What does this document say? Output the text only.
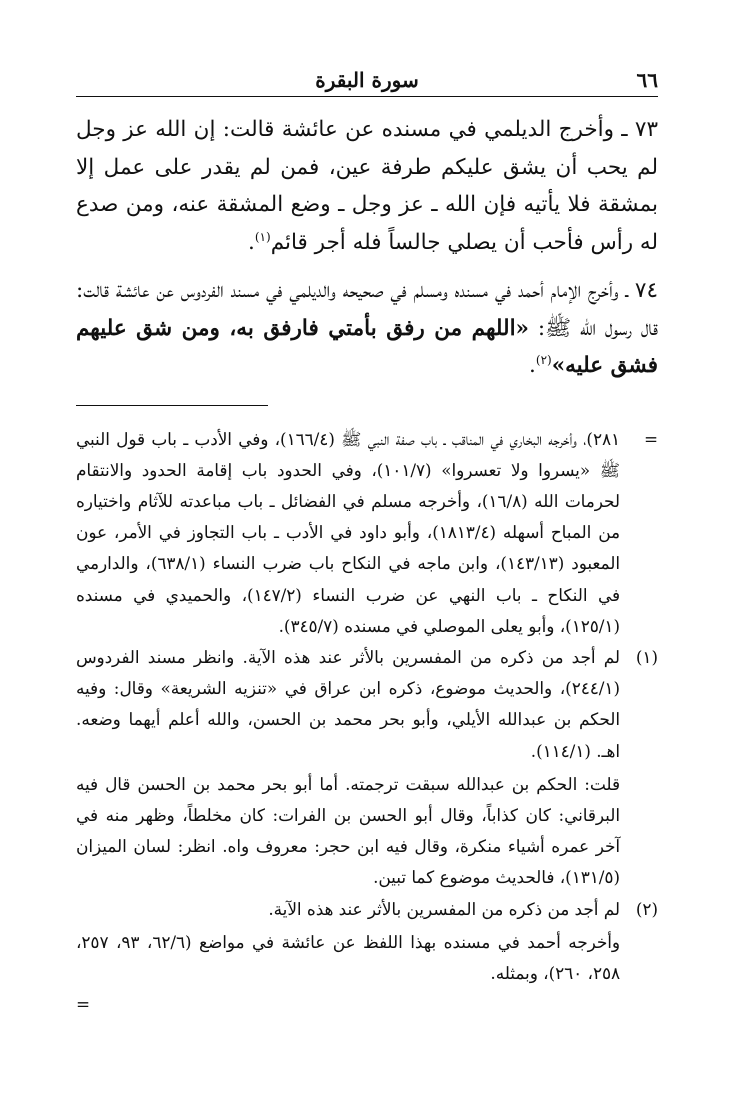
٦٦
سورة البقرة

٧٣ ـ وأخرج الديلمي في مسنده عن عائشة قالت: إن الله عز وجل لم يحب أن يشق عليكم طرفة عين، فمن لم يقدر على عمل إلا بمشقة فلا يأتيه فإن الله ـ عز وجل ـ وضع المشقة عنه، ومن صدع له رأس فأحب أن يصلي جالساً فله أجر قائم$^{(١)}$.

٧٤ ـ وأخرج الإمام أحمد في مسنده ومسلم في صحيحه والديلمي في مسند الفردوس عن عائشة قالت: قال رسول الله ﷺ: «اللهم من رفق بأمتي فارفق به، ومن شق عليهم فشق عليه»$^{(٢)}$.

=
٢٨١)، وأخرجه البخاري في المناقب ـ باب صفة النبي ﷺ (١٦٦/٤)، وفي الأدب ـ باب قول النبي ﷺ «يسروا ولا تعسروا» (١٠١/٧)، وفي الحدود باب إقامة الحدود والانتقام لحرمات الله (١٦/٨)، وأخرجه مسلم في الفضائل ـ باب مباعدته للآثام واختياره من المباح أسهله (١٨١٣/٤)، وأبو داود في الأدب ـ باب التجاوز في الأمر، عون المعبود (١٤٣/١٣)، وابن ماجه في النكاح باب ضرب النساء (٦٣٨/١)، والدارمي في النكاح ـ باب النهي عن ضرب النساء (١٤٧/٢)، والحميدي في مسنده (١٢٥/١)، وأبو يعلى الموصلي في مسنده (٣٤٥/٧).
(١)
لم أجد من ذكره من المفسرين بالأثر عند هذه الآية. وانظر مسند الفردوس (٢٤٤/١)، والحديث موضوع، ذكره ابن عراق في «تنزيه الشريعة» وقال: وفيه الحكم بن عبدالله الأيلي، وأبو بحر محمد بن الحسن، والله أعلم أيهما وضعه. اهـ. (١١٤/١).
قلت: الحكم بن عبدالله سبقت ترجمته. أما أبو بحر محمد بن الحسن قال فيه البرقاني: كان كذاباً، وقال أبو الحسن بن الفرات: كان مخلطاً، وظهر منه في آخر عمره أشياء منكرة، وقال فيه ابن حجر: معروف واه. انظر: لسان الميزان (١٣١/٥)، فالحديث موضوع كما تبين.
(٢)
لم أجد من ذكره من المفسرين بالأثر عند هذه الآية.
وأخرجه أحمد في مسنده بهذا اللفظ عن عائشة في مواضع (٦٢/٦، ٩٣، ٢٥٧، ٢٥٨، ٢٦٠)، وبمثله.
=
